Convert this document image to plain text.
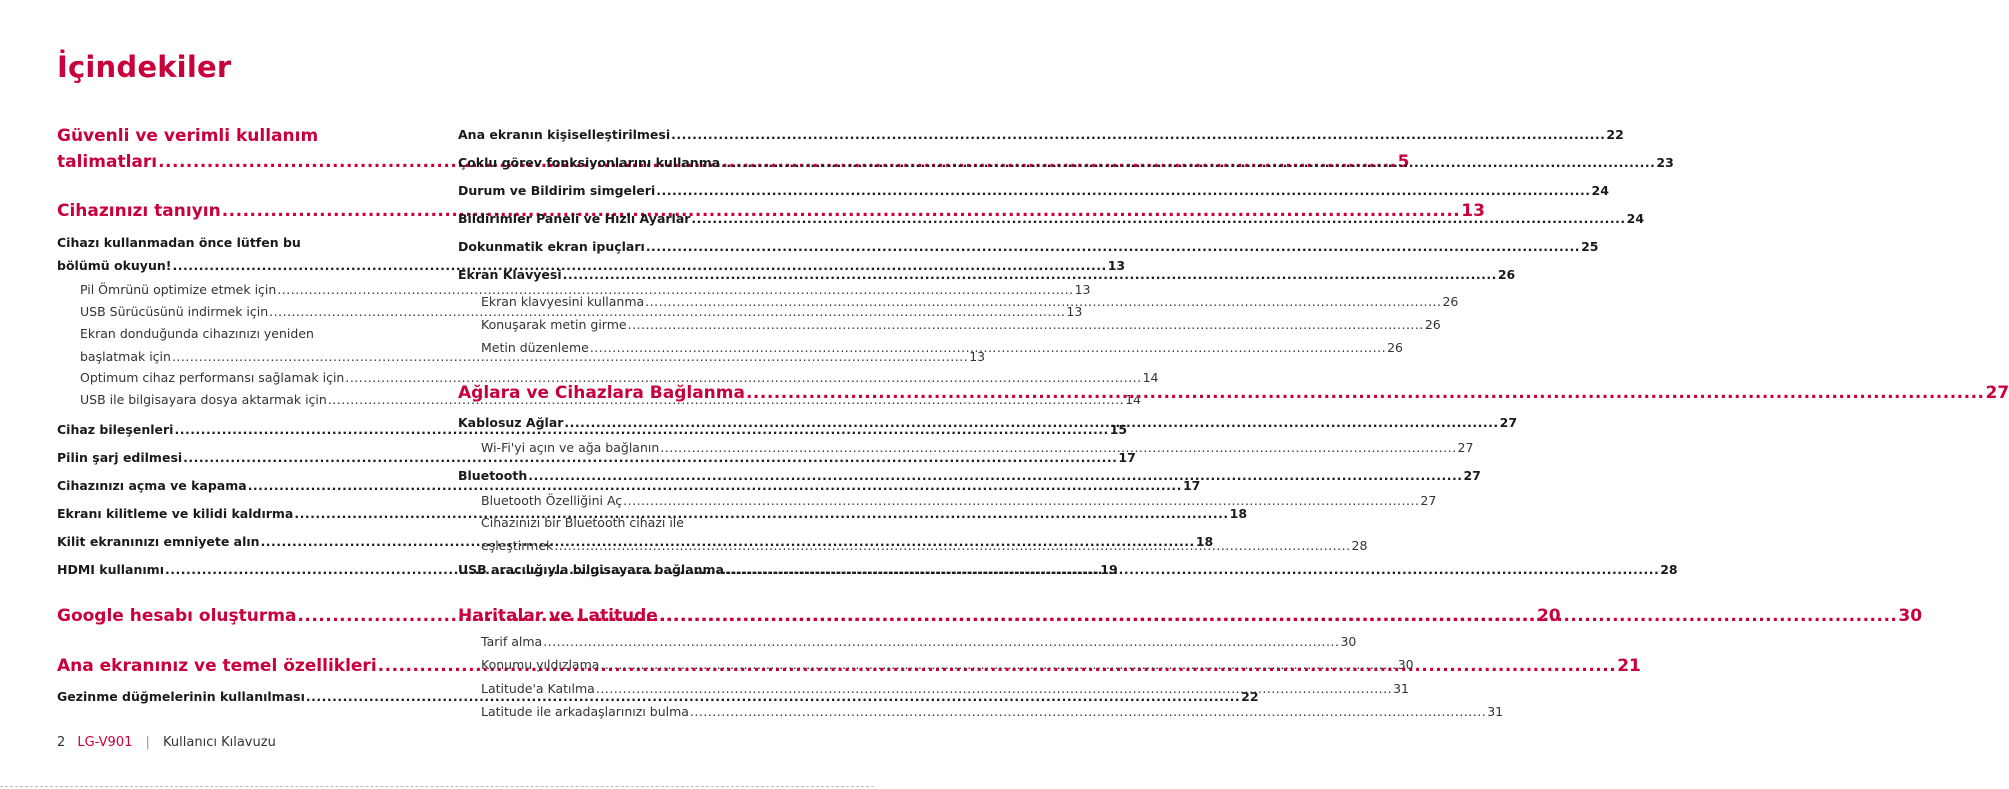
İçindekiler
Güvenli ve verimli kullanım
talimatları .....	5
Cihazınızı tanıyın .....	13
Cihazı kullanmadan önce lütfen bu
bölümü okuyun! .....	13
Pil Ömrünü optimize etmek için .....	13
USB Sürücüsünü indirmek için .....	13
Ekran donduğunda cihazınızı yeniden
başlatmak için .....	13
Optimum cihaz performansı sağlamak için .....	14
USB ile bilgisayara dosya aktarmak için .....	14
Cihaz bileşenleri .....	15
Pilin şarj edilmesi .....	17
Cihazınızı açma ve kapama .....	17
Ekranı kilitleme ve kilidi kaldırma .....	18
Kilit ekranınızı emniyete alın .....	18
HDMI kullanımı .....	19
Google hesabı oluşturma .....	20
Ana ekranınız ve temel özellikleri .....	21
Gezinme düğmelerinin kullanılması .....	22
Ana ekranın kişiselleştirilmesi .....	22
Çoklu görev fonksiyonlarını kullanma .....	23
Durum ve Bildirim simgeleri .....	24
Bildirimler Paneli ve Hızlı Ayarlar .....	24
Dokunmatik ekran ipuçları .....	25
Ekran Klavyesi .....	26
Ekran klavyesini kullanma .....	26
Konuşarak metin girme .....	26
Metin düzenleme .....	26
Ağlara ve Cihazlara Bağlanma .....	27
Kablosuz Ağlar .....	27
Wi-Fi'yi açın ve ağa bağlanın .....	27
Bluetooth .....	27
Bluetooth Özelliğini Aç .....	27
Cihazınızı bir Bluetooth cihazı ile
eşleştirmek .....	28
USB aracılığıyla bilgisayara bağlanma .....	28
Haritalar ve Latitude .....	30
Tarif alma .....	30
Konumu yıldızlama .....	30
Latitude'a Katılma .....	31
Latitude ile arkadaşlarınızı bulma .....	31
2 LG-V901 | Kullanıcı Kılavuzu
